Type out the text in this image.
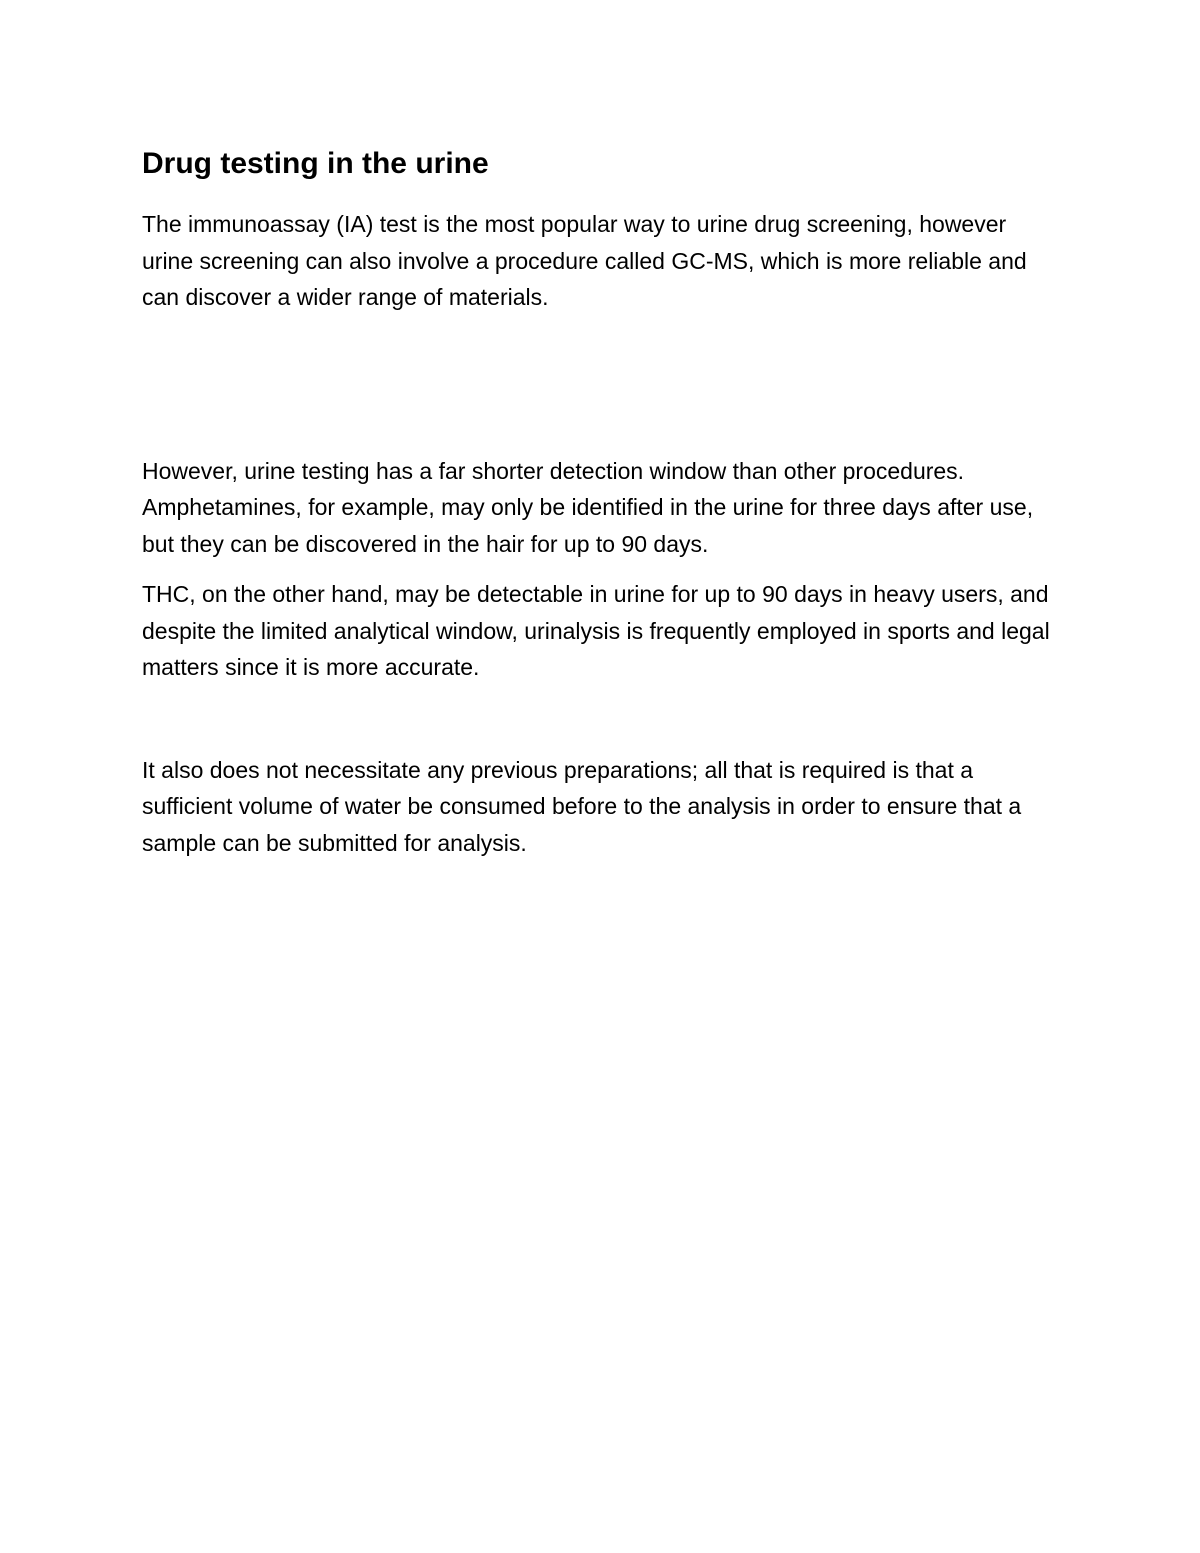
Drug testing in the urine

The immunoassay (IA) test is the most popular way to urine drug screening, however urine screening can also involve a procedure called GC-MS, which is more reliable and can discover a wider range of materials.

However, urine testing has a far shorter detection window than other procedures. Amphetamines, for example, may only be identified in the urine for three days after use, but they can be discovered in the hair for up to 90 days.

THC, on the other hand, may be detectable in urine for up to 90 days in heavy users, and despite the limited analytical window, urinalysis is frequently employed in sports and legal matters since it is more accurate.

It also does not necessitate any previous preparations; all that is required is that a sufficient volume of water be consumed before to the analysis in order to ensure that a sample can be submitted for analysis.
